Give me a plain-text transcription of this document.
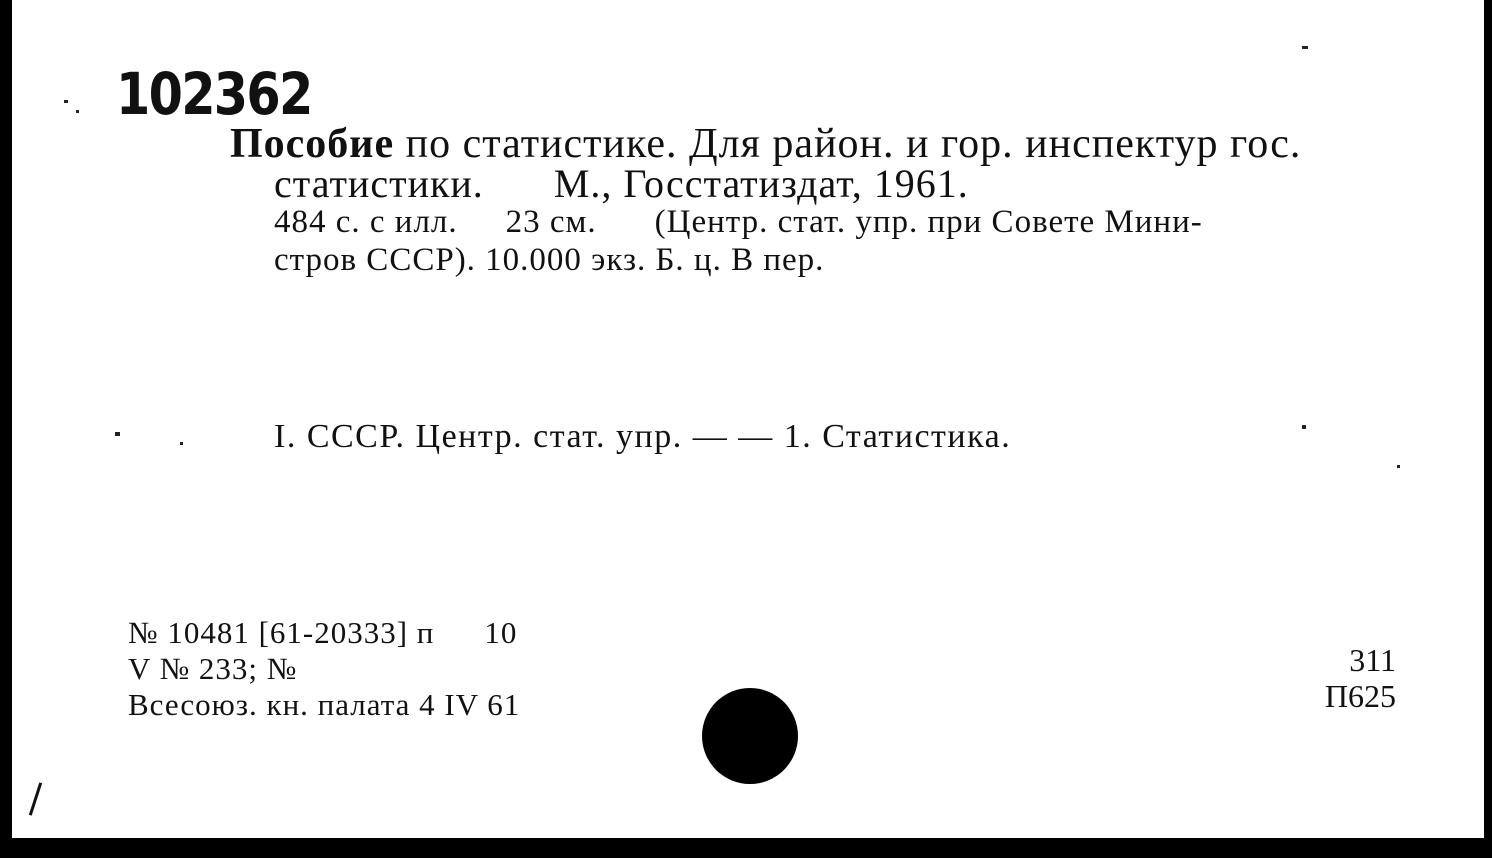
102362
Пособие по статистике. Для район. и гор. инспектур гос.
статистики. М., Госстатиздат, 1961.
484 с. с илл. 23 см. (Центр. стат. упр. при Совете Мини-
стров СССР). 10.000 экз. Б. ц. В пер.
I. СССР. Центр. стат. упр. — — 1. Статистика.
№ 10481 [61-20333] п 10
V № 233; №
Всесоюз. кн. палата 4 IV 61
311
П625
